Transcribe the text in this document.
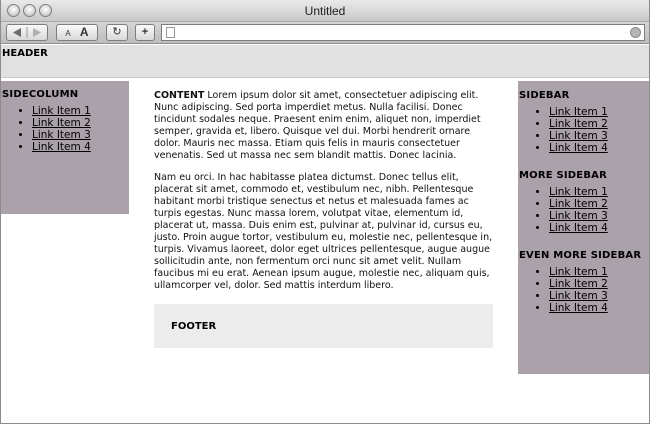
Untitled
A A	↻	+
HEADER
SIDECOLUMN
• Link Item 1
• Link Item 2
• Link Item 3
• Link Item 4

CONTENT Lorem ipsum dolor sit amet, consectetuer adipiscing elit. Nunc adipiscing. Sed porta imperdiet metus. Nulla facilisi. Donec tincidunt sodales neque. Praesent enim enim, aliquet non, imperdiet semper, gravida et, libero. Quisque vel dui. Morbi hendrerit ornare dolor. Mauris nec massa. Etiam quis felis in mauris consectetuer venenatis. Sed ut massa nec sem blandit mattis. Donec lacinia.

Nam eu orci. In hac habitasse platea dictumst. Donec tellus elit, placerat sit amet, commodo et, vestibulum nec, nibh. Pellentesque habitant morbi tristique senectus et netus et malesuada fames ac turpis egestas. Nunc massa lorem, volutpat vitae, elementum id, placerat ut, massa. Duis enim est, pulvinar at, pulvinar id, cursus eu, justo. Proin augue tortor, vestibulum eu, molestie nec, pellentesque in, turpis. Vivamus laoreet, dolor eget ultrices pellentesque, augue augue sollicitudin ante, non fermentum orci nunc sit amet velit. Nullam faucibus mi eu erat. Aenean ipsum augue, molestie nec, aliquam quis, ullamcorper vel, dolor. Sed mattis interdum libero.

FOOTER
SIDEBAR
• Link Item 1
• Link Item 2
• Link Item 3
• Link Item 4
MORE SIDEBAR
• Link Item 1
• Link Item 2
• Link Item 3
• Link Item 4
EVEN MORE SIDEBAR
• Link Item 1
• Link Item 2
• Link Item 3
• Link Item 4
